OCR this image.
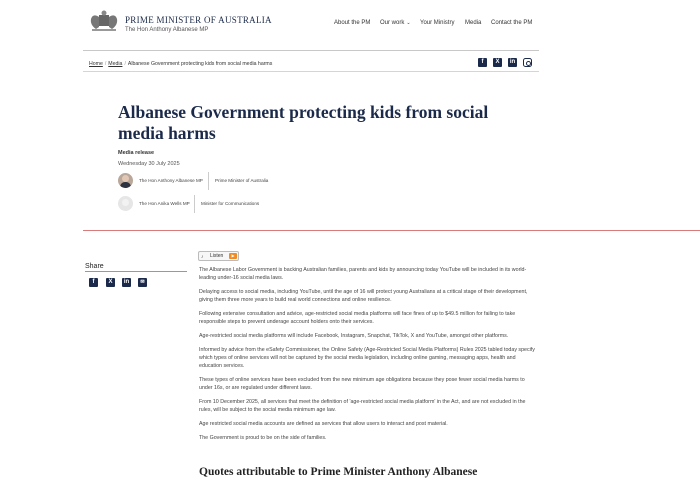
PRIME MINISTER OF AUSTRALIA
The Hon Anthony Albanese MP
About the PM Our work ⌄ Your Ministry Media Contact the PM
Home / Media / Albanese Government protecting kids from social media harms	f	X	in
Albanese Government protecting kids from social media harms
Media release
Wednesday 30 July 2025
The Hon Anthony Albanese MP	Prime Minister of Australia
The Hon Anika Wells MP Minister for Communications
Share
f	X	in	✉
♪ Listen	▶

The Albanese Labor Government is backing Australian families, parents and kids by announcing today YouTube will be included in its world-leading under-16 social media laws.

Delaying access to social media, including YouTube, until the age of 16 will protect young Australians at a critical stage of their development, giving them three more years to build real world connections and online resilience.

Following extensive consultation and advice, age-restricted social media platforms will face fines of up to $49.5 million for failing to take responsible steps to prevent underage account holders onto their services.

Age-restricted social media platforms will include Facebook, Instagram, Snapchat, TikTok, X and YouTube, amongst other platforms.

Informed by advice from the eSafety Commissioner, the Online Safety (Age-Restricted Social Media Platforms) Rules 2025 tabled today specify which types of online services will not be captured by the social media legislation, including online gaming, messaging apps, health and education services.

These types of online services have been excluded from the new minimum age obligations because they pose fewer social media harms to under 16s, or are regulated under different laws.

From 10 December 2025, all services that meet the definition of 'age-restricted social media platform' in the Act, and are not excluded in the rules, will be subject to the social media minimum age law.

Age restricted social media accounts are defined as services that allow users to interact and post material.

The Government is proud to be on the side of families.

Quotes attributable to Prime Minister Anthony Albanese
